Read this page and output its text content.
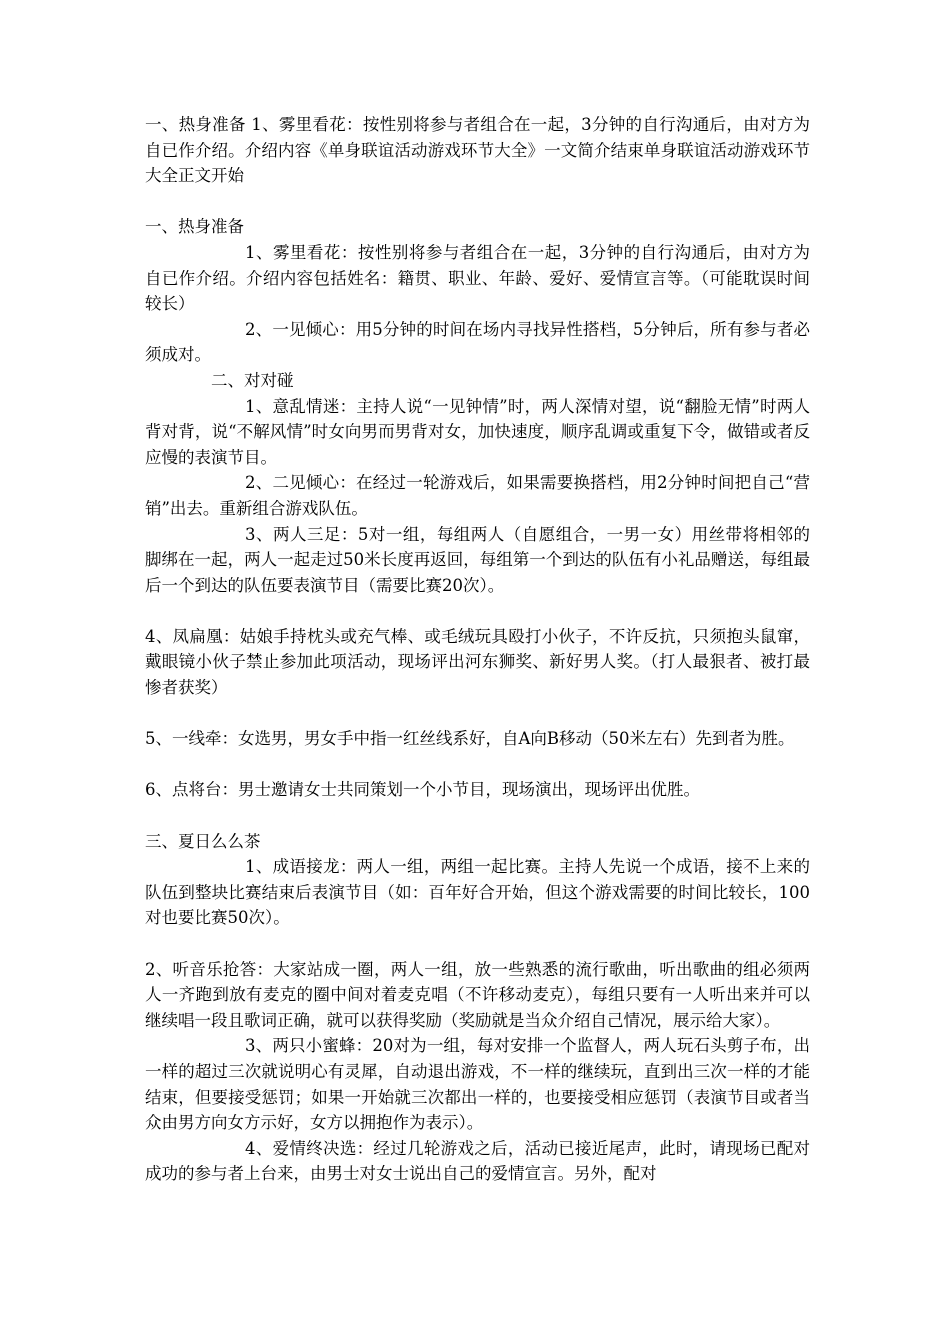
一、热身准备 1、雾里看花：按性别将参与者组合在一起，3分钟的自行沟通后，由对方为自已作介绍。介绍内容《单身联谊活动游戏环节大全》一文简介结束单身联谊活动游戏环节大全正文开始

一、热身准备

1、雾里看花：按性别将参与者组合在一起，3分钟的自行沟通后，由对方为自已作介绍。介绍内容包括姓名：籍贯、职业、年龄、爱好、爱情宣言等。（可能耽误时间较长）

2、一见倾心：用5分钟的时间在场内寻找异性搭档，5分钟后，所有参与者必须成对。

二、对对碰

1、意乱情迷：主持人说“一见钟情”时，两人深情对望，说“翻脸无情”时两人背对背，说“不解风情”时女向男而男背对女，加快速度，顺序乱调或重复下令，做错或者反应慢的表演节目。

2、二见倾心：在经过一轮游戏后，如果需要换搭档，用2分钟时间把自己“营销”出去。重新组合游戏队伍。

3、两人三足：5对一组，每组两人（自愿组合，一男一女）用丝带将相邻的脚绑在一起，两人一起走过50米长度再返回，每组第一个到达的队伍有小礼品赠送，每组最后一个到达的队伍要表演节目（需要比赛20次）。

4、凤扁凰：姑娘手持枕头或充气棒、或毛绒玩具殴打小伙子，不许反抗，只须抱头鼠窜，戴眼镜小伙子禁止参加此项活动，现场评出河东狮奖、新好男人奖。（打人最狠者、被打最惨者获奖）

5、一线牵：女选男，男女手中指一红丝线系好，自A向B移动（50米左右）先到者为胜。

6、点将台：男士邀请女士共同策划一个小节目，现场演出，现场评出优胜。

三、夏日么么茶

1、成语接龙：两人一组，两组一起比赛。主持人先说一个成语，接不上来的队伍到整块比赛结束后表演节目（如：百年好合开始，但这个游戏需要的时间比较长，100对也要比赛50次）。

2、听音乐抢答：大家站成一圈，两人一组，放一些熟悉的流行歌曲，听出歌曲的组必须两人一齐跑到放有麦克的圈中间对着麦克唱（不许移动麦克），每组只要有一人听出来并可以继续唱一段且歌词正确，就可以获得奖励（奖励就是当众介绍自己情况，展示给大家）。

3、两只小蜜蜂：20对为一组，每对安排一个监督人，两人玩石头剪子布，出一样的超过三次就说明心有灵犀，自动退出游戏，不一样的继续玩，直到出三次一样的才能结束，但要接受惩罚；如果一开始就三次都出一样的，也要接受相应惩罚（表演节目或者当众由男方向女方示好，女方以拥抱作为表示）。

4、爱情终决选：经过几轮游戏之后，活动已接近尾声，此时，请现场已配对成功的参与者上台来，由男士对女士说出自己的爱情宣言。另外，配对
